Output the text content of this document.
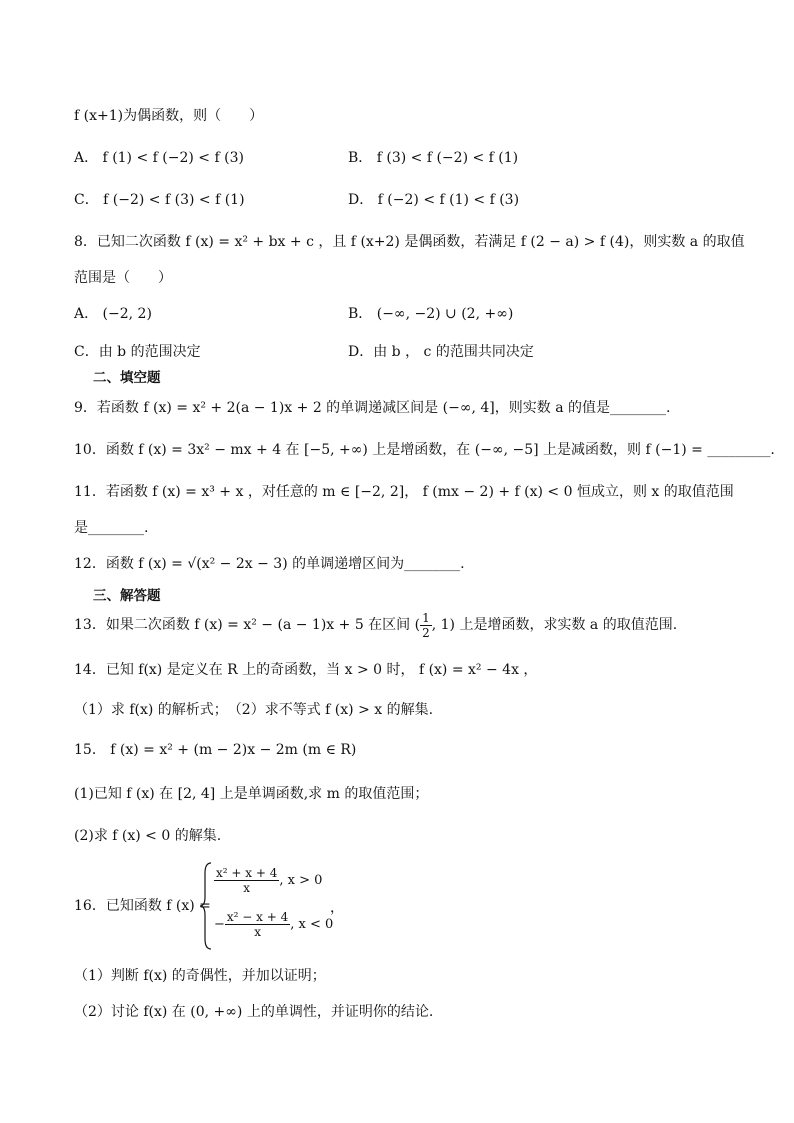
f (x+1)为偶函数，则（　　）
A． f (1) < f (−2) < f (3)	B． f (3) < f (−2) < f (1)
C． f (−2) < f (3) < f (1)	D． f (−2) < f (1) < f (3)
8．已知二次函数 f (x) = x² + bx + c ，且 f (x+2) 是偶函数，若满足 f (2 − a) > f (4)，则实数 a 的取值
范围是（　　）
A． (−2, 2)	B． (−∞, −2) ∪ (2, +∞)
C．由 b 的范围决定	D．由 b ， c 的范围共同决定
二、填空题
9．若函数 f (x) = x² + 2(a − 1)x + 2 的单调递减区间是 (−∞, 4]，则实数 a 的值是________.
10．函数 f (x) = 3x² − mx + 4 在 [−5, +∞) 上是增函数，在 (−∞, −5] 上是减函数，则 f (−1) = _________.
11．若函数 f (x) = x³ + x ，对任意的 m ∈ [−2, 2]， f (mx − 2) + f (x) < 0 恒成立，则 x 的取值范围
是________.
12．函数 f (x) = √(x² − 2x − 3) 的单调递增区间为________.
三、解答题
13．如果二次函数 f (x) = x² − (a − 1)x + 5 在区间 ( $\frac{1}{2}$ , 1) 上是增函数，求实数 a 的取值范围.
14．已知 f(x) 是定义在 R 上的奇函数，当 x > 0 时， f (x) = x² − 4x ，
（1）求 f(x) 的解析式；　（2）求不等式 f (x) > x 的解集.
15． f (x) = x² + (m − 2)x − 2m (m ∈ R)
(1)已知 f (x) 在 [2, 4] 上是单调函数,求 m 的取值范围；
(2)求 f (x) < 0 的解集.
16．已知函数 f (x) =
$\frac{\text{x² + x + 4}}{x}$ , x > 0
− $\frac{\text{x² − x + 4}}{x}$ , x < 0
，
（1）判断 f(x) 的奇偶性，并加以证明；
（2）讨论 f(x) 在 (0, +∞) 上的单调性，并证明你的结论.
